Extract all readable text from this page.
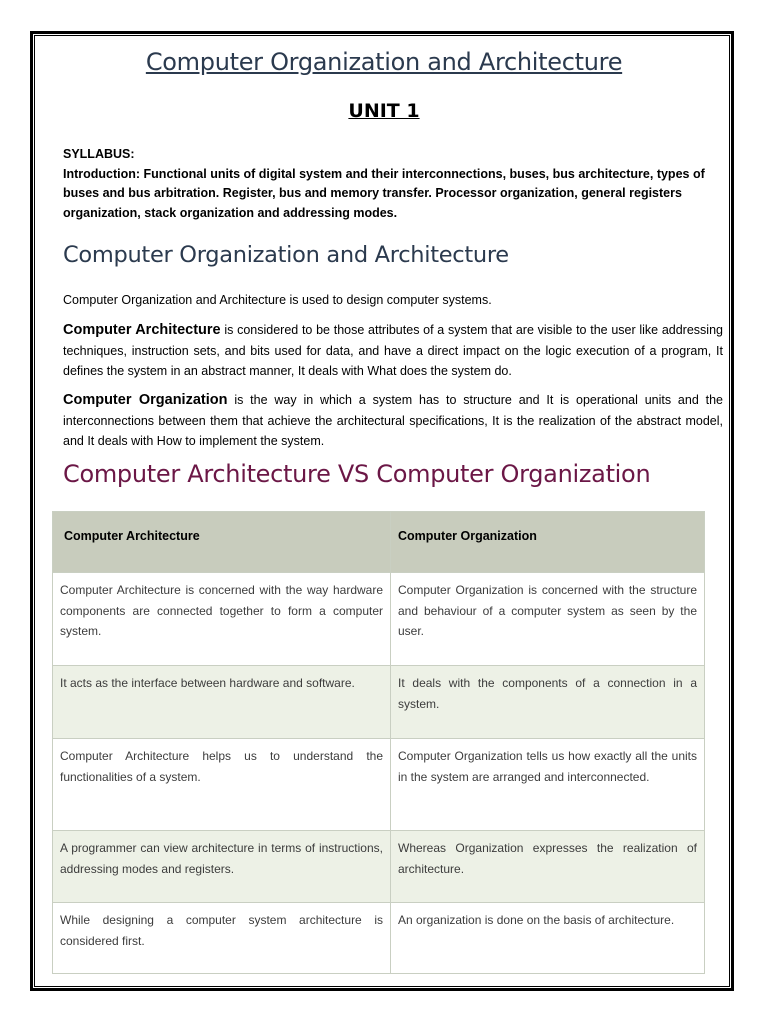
Computer Organization and Architecture
UNIT 1
SYLLABUS:
Introduction: Functional units of digital system and their interconnections, buses, bus architecture, types of buses and bus arbitration. Register, bus and memory transfer. Processor organization, general registers organization, stack organization and addressing modes.
Computer Organization and Architecture
Computer Organization and Architecture is used to design computer systems.
Computer Architecture is considered to be those attributes of a system that are visible to the user like addressing techniques, instruction sets, and bits used for data, and have a direct impact on the logic execution of a program, It defines the system in an abstract manner, It deals with What does the system do.
Computer Organization is the way in which a system has to structure and It is operational units and the interconnections between them that achieve the architectural specifications, It is the realization of the abstract model, and It deals with How to implement the system.
Computer Architecture VS Computer Organization
Computer Architecture	Computer Organization
Computer Architecture is concerned with the way hardware components are connected together to form a computer system.	Computer Organization is concerned with the structure and behaviour of a computer system as seen by the user.
It acts as the interface between hardware and software.	It deals with the components of a connection in a system.
Computer Architecture helps us to understand the functionalities of a system.	Computer Organization tells us how exactly all the units in the system are arranged and interconnected.
A programmer can view architecture in terms of instructions, addressing modes and registers.	Whereas Organization expresses the realization of architecture.
While designing a computer system architecture is considered first.	An organization is done on the basis of architecture.
